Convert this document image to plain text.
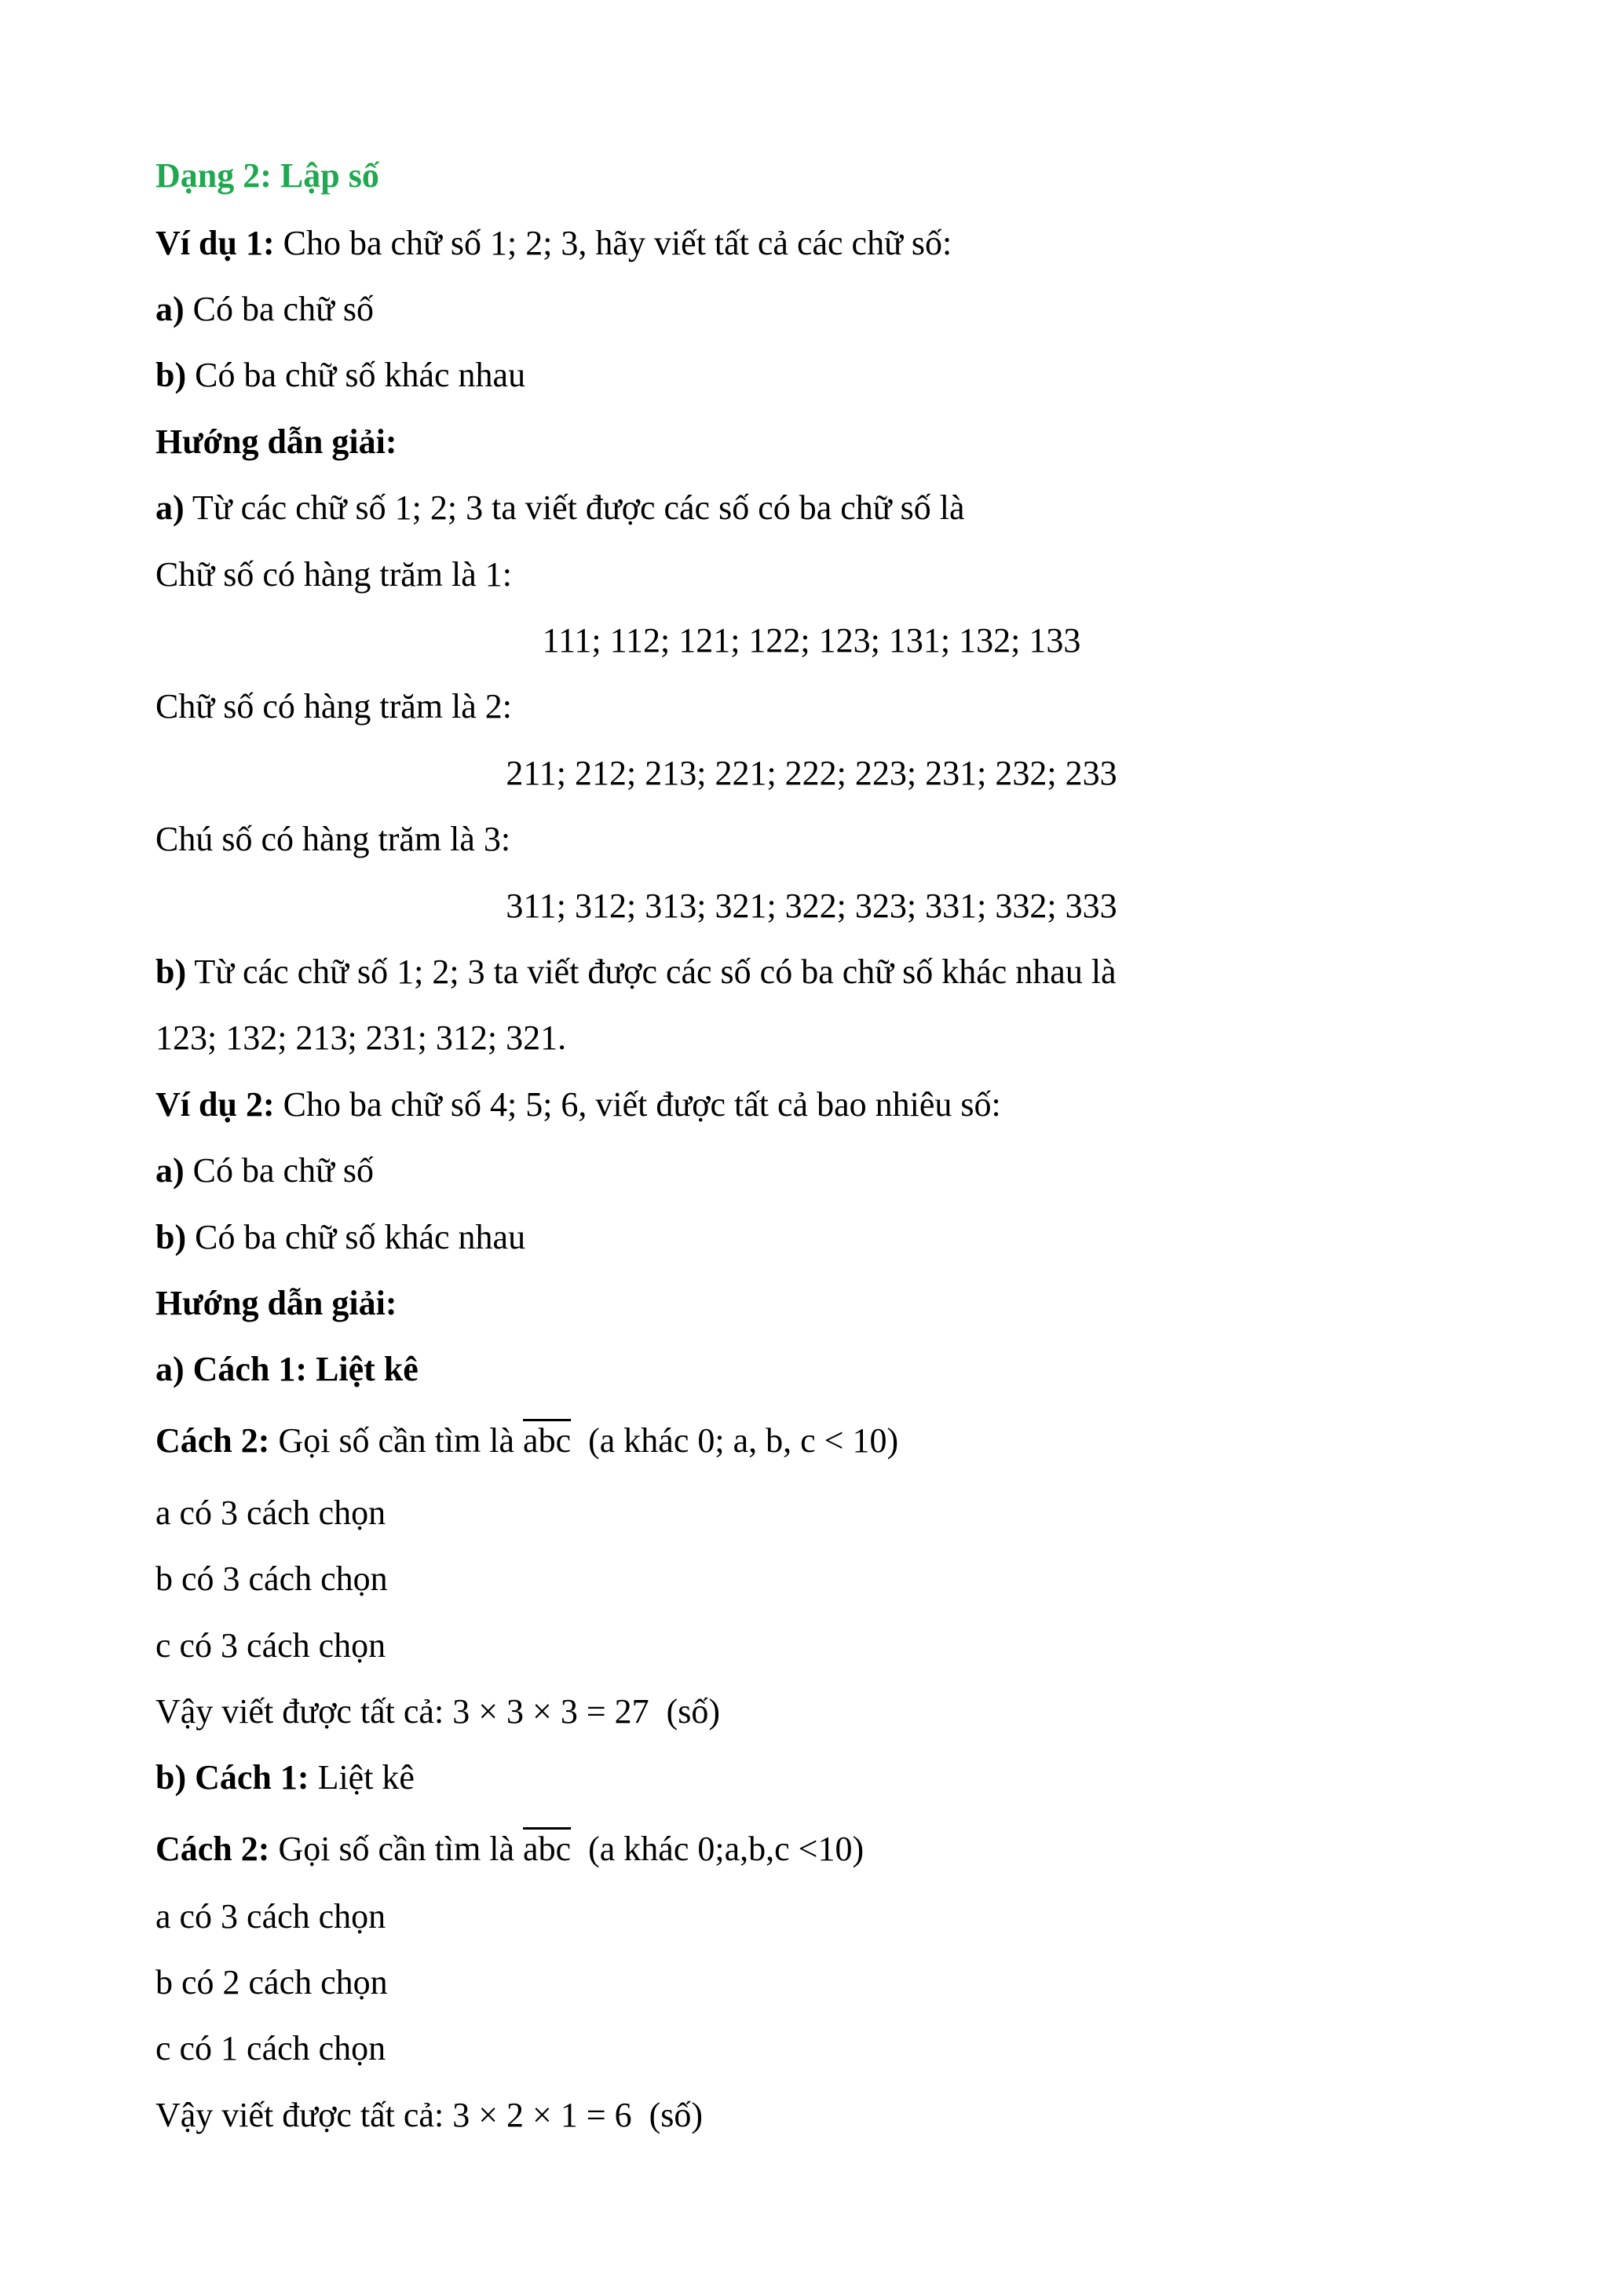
Dạng 2: Lập số
Ví dụ 1: Cho ba chữ số 1; 2; 3, hãy viết tất cả các chữ số:
a) Có ba chữ số
b) Có ba chữ số khác nhau
Hướng dẫn giải:
a) Từ các chữ số 1; 2; 3 ta viết được các số có ba chữ số là
Chữ số có hàng trăm là 1:
111; 112; 121; 122; 123; 131; 132; 133
Chữ số có hàng trăm là 2:
211; 212; 213; 221; 222; 223; 231; 232; 233
Chú số có hàng trăm là 3:
311; 312; 313; 321; 322; 323; 331; 332; 333
b) Từ các chữ số 1; 2; 3 ta viết được các số có ba chữ số khác nhau là
123; 132; 213; 231; 312; 321.
Ví dụ 2: Cho ba chữ số 4; 5; 6, viết được tất cả bao nhiêu số:
a) Có ba chữ số
b) Có ba chữ số khác nhau
Hướng dẫn giải:
a) Cách 1: Liệt kê
Cách 2: Gọi số cần tìm là $\overline{abc}$ (a khác 0; a, b, c < 10)
a có 3 cách chọn
b có 3 cách chọn
c có 3 cách chọn
Vậy viết được tất cả: 3 × 3 × 3 = 27 (số)
b) Cách 1: Liệt kê
Cách 2: Gọi số cần tìm là $\overline{abc}$ (a khác 0;a,b,c <10)
a có 3 cách chọn
b có 2 cách chọn
c có 1 cách chọn
Vậy viết được tất cả: 3 × 2 × 1 = 6 (số)
